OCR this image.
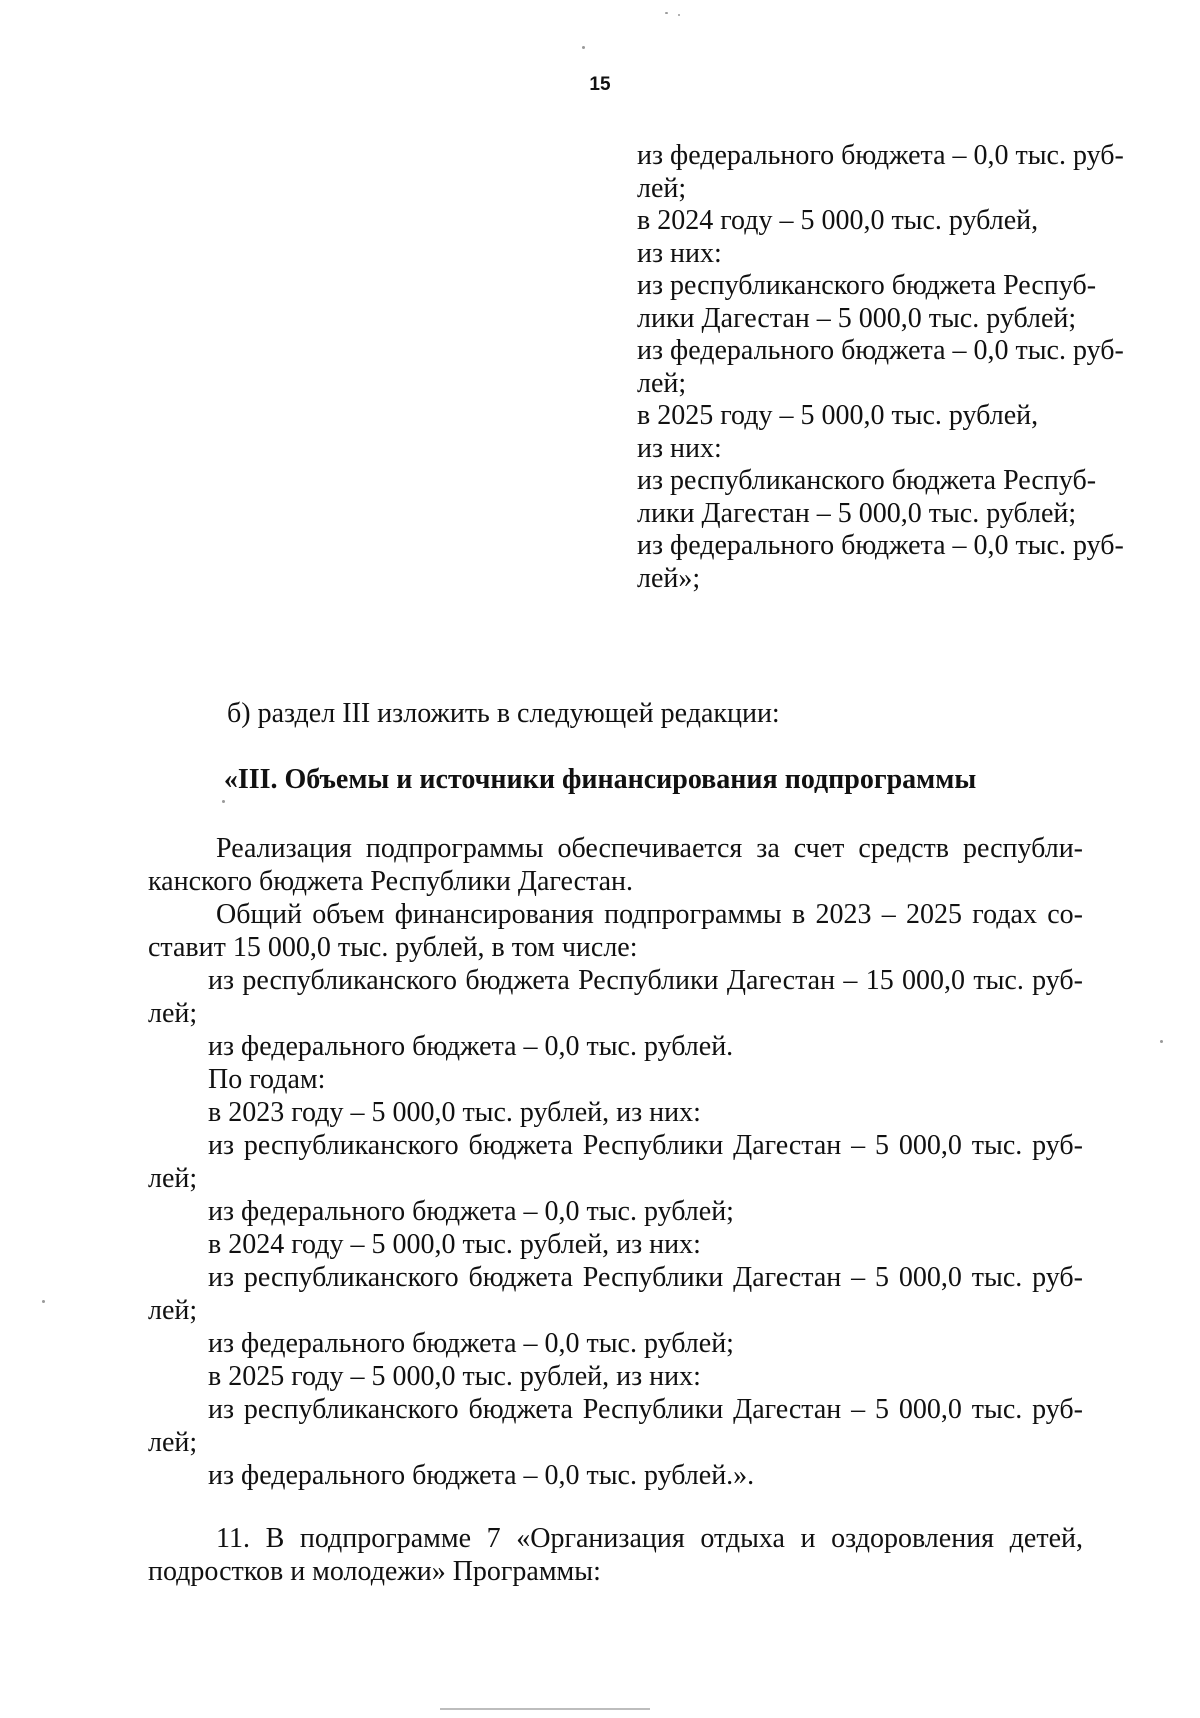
15
из федерального бюджета – 0,0 тыс. руб-
лей;
в 2024 году – 5 000,0 тыс. рублей,
из них:
из республиканского бюджета Респуб-
лики Дагестан – 5 000,0 тыс. рублей;
из федерального бюджета – 0,0 тыс. руб-
лей;
в 2025 году – 5 000,0 тыс. рублей,
из них:
из республиканского бюджета Респуб-
лики Дагестан – 5 000,0 тыс. рублей;
из федерального бюджета – 0,0 тыс. руб-
лей»;
б) раздел III изложить в следующей редакции:
«III. Объемы и источники финансирования подпрограммы
Реализация подпрограммы обеспечивается за счет средств республи-
канского бюджета Республики Дагестан.
Общий объем финансирования подпрограммы в 2023 – 2025 годах со-
ставит 15 000,0 тыс. рублей, в том числе:
из республиканского бюджета Республики Дагестан – 15 000,0 тыс. руб-
лей;
из федерального бюджета – 0,0 тыс. рублей.
По годам:
в 2023 году – 5 000,0 тыс. рублей, из них:
из республиканского бюджета Республики Дагестан – 5 000,0 тыс. руб-
лей;
из федерального бюджета – 0,0 тыс. рублей;
в 2024 году – 5 000,0 тыс. рублей, из них:
из республиканского бюджета Республики Дагестан – 5 000,0 тыс. руб-
лей;
из федерального бюджета – 0,0 тыс. рублей;
в 2025 году – 5 000,0 тыс. рублей, из них:
из республиканского бюджета Республики Дагестан – 5 000,0 тыс. руб-
лей;
из федерального бюджета – 0,0 тыс. рублей.».
11. В подпрограмме 7 «Организация отдыха и оздоровления детей,
подростков и молодежи» Программы:
